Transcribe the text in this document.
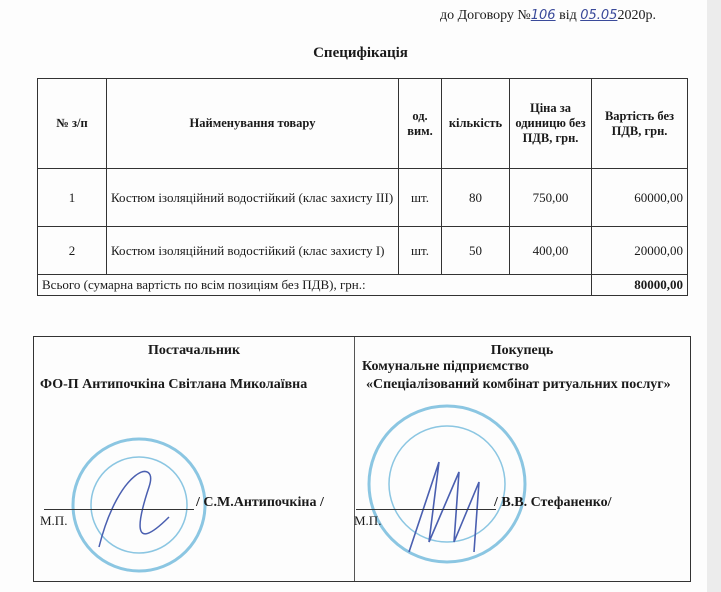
до Договору №106 від 05.052020р.
Специфікація
№ з/п	Найменування товару	од. вим.	кількість	Ціна за одиницю без ПДВ, грн.	Вартість без ПДВ, грн.
1	Костюм ізоляційний водостійкий (клас захисту ІІІ)	шт.	80	750,00	60000,00
2	Костюм ізоляційний водостійкий (клас захисту І)	шт.	50	400,00	20000,00
Всього (сумарна вартість по всім позиціям без ПДВ), грн.:					80000,00
Постачальник
ФО-П Антипочкіна Світлана Миколаївна
/ С.М.Антипочкіна /
М.П.
Покупець
Комунальне підприємство
«Спеціалізований комбінат ритуальних послуг»
/ В.В. Стефаненко/
М.П.
